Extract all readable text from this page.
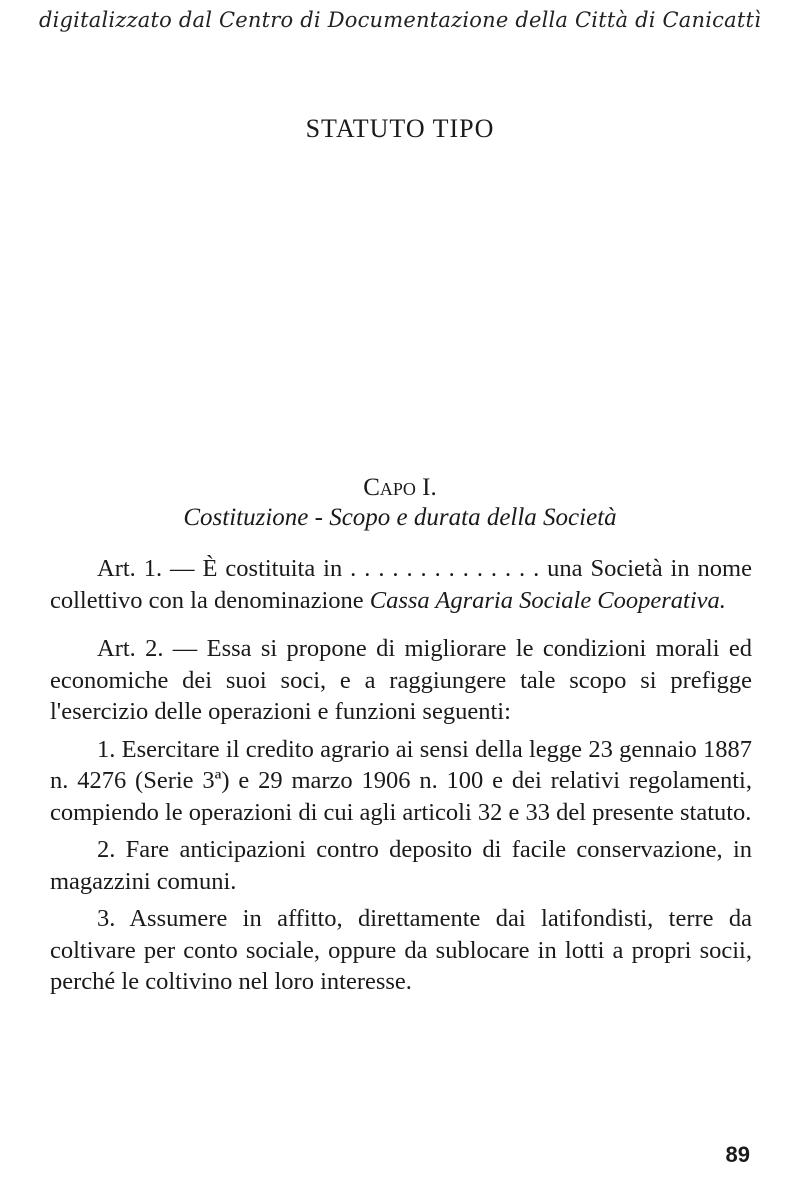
digitalizzato dal Centro di Documentazione della Città di Canicattì
STATUTO TIPO
Capo I.
Costituzione - Scopo e durata della Società

Art. 1. — È costituita in . . . . . . . . . . . . . . una Società in nome collettivo con la denominazione Cassa Agraria Sociale Cooperativa.

Art. 2. — Essa si propone di migliorare le condizioni morali ed economiche dei suoi soci, e a raggiungere tale scopo si prefigge l'esercizio delle operazioni e funzioni seguenti:

1. Esercitare il credito agrario ai sensi della legge 23 gennaio 1887 n. 4276 (Serie 3ª) e 29 marzo 1906 n. 100 e dei relativi regolamenti, compiendo le operazioni di cui agli articoli 32 e 33 del presente statuto.

2. Fare anticipazioni contro deposito di facile conservazione, in magazzini comuni.

3. Assumere in affitto, direttamente dai latifondisti, terre da coltivare per conto sociale, oppure da sublocare in lotti a propri socii, perché le coltivino nel loro interesse.

89
